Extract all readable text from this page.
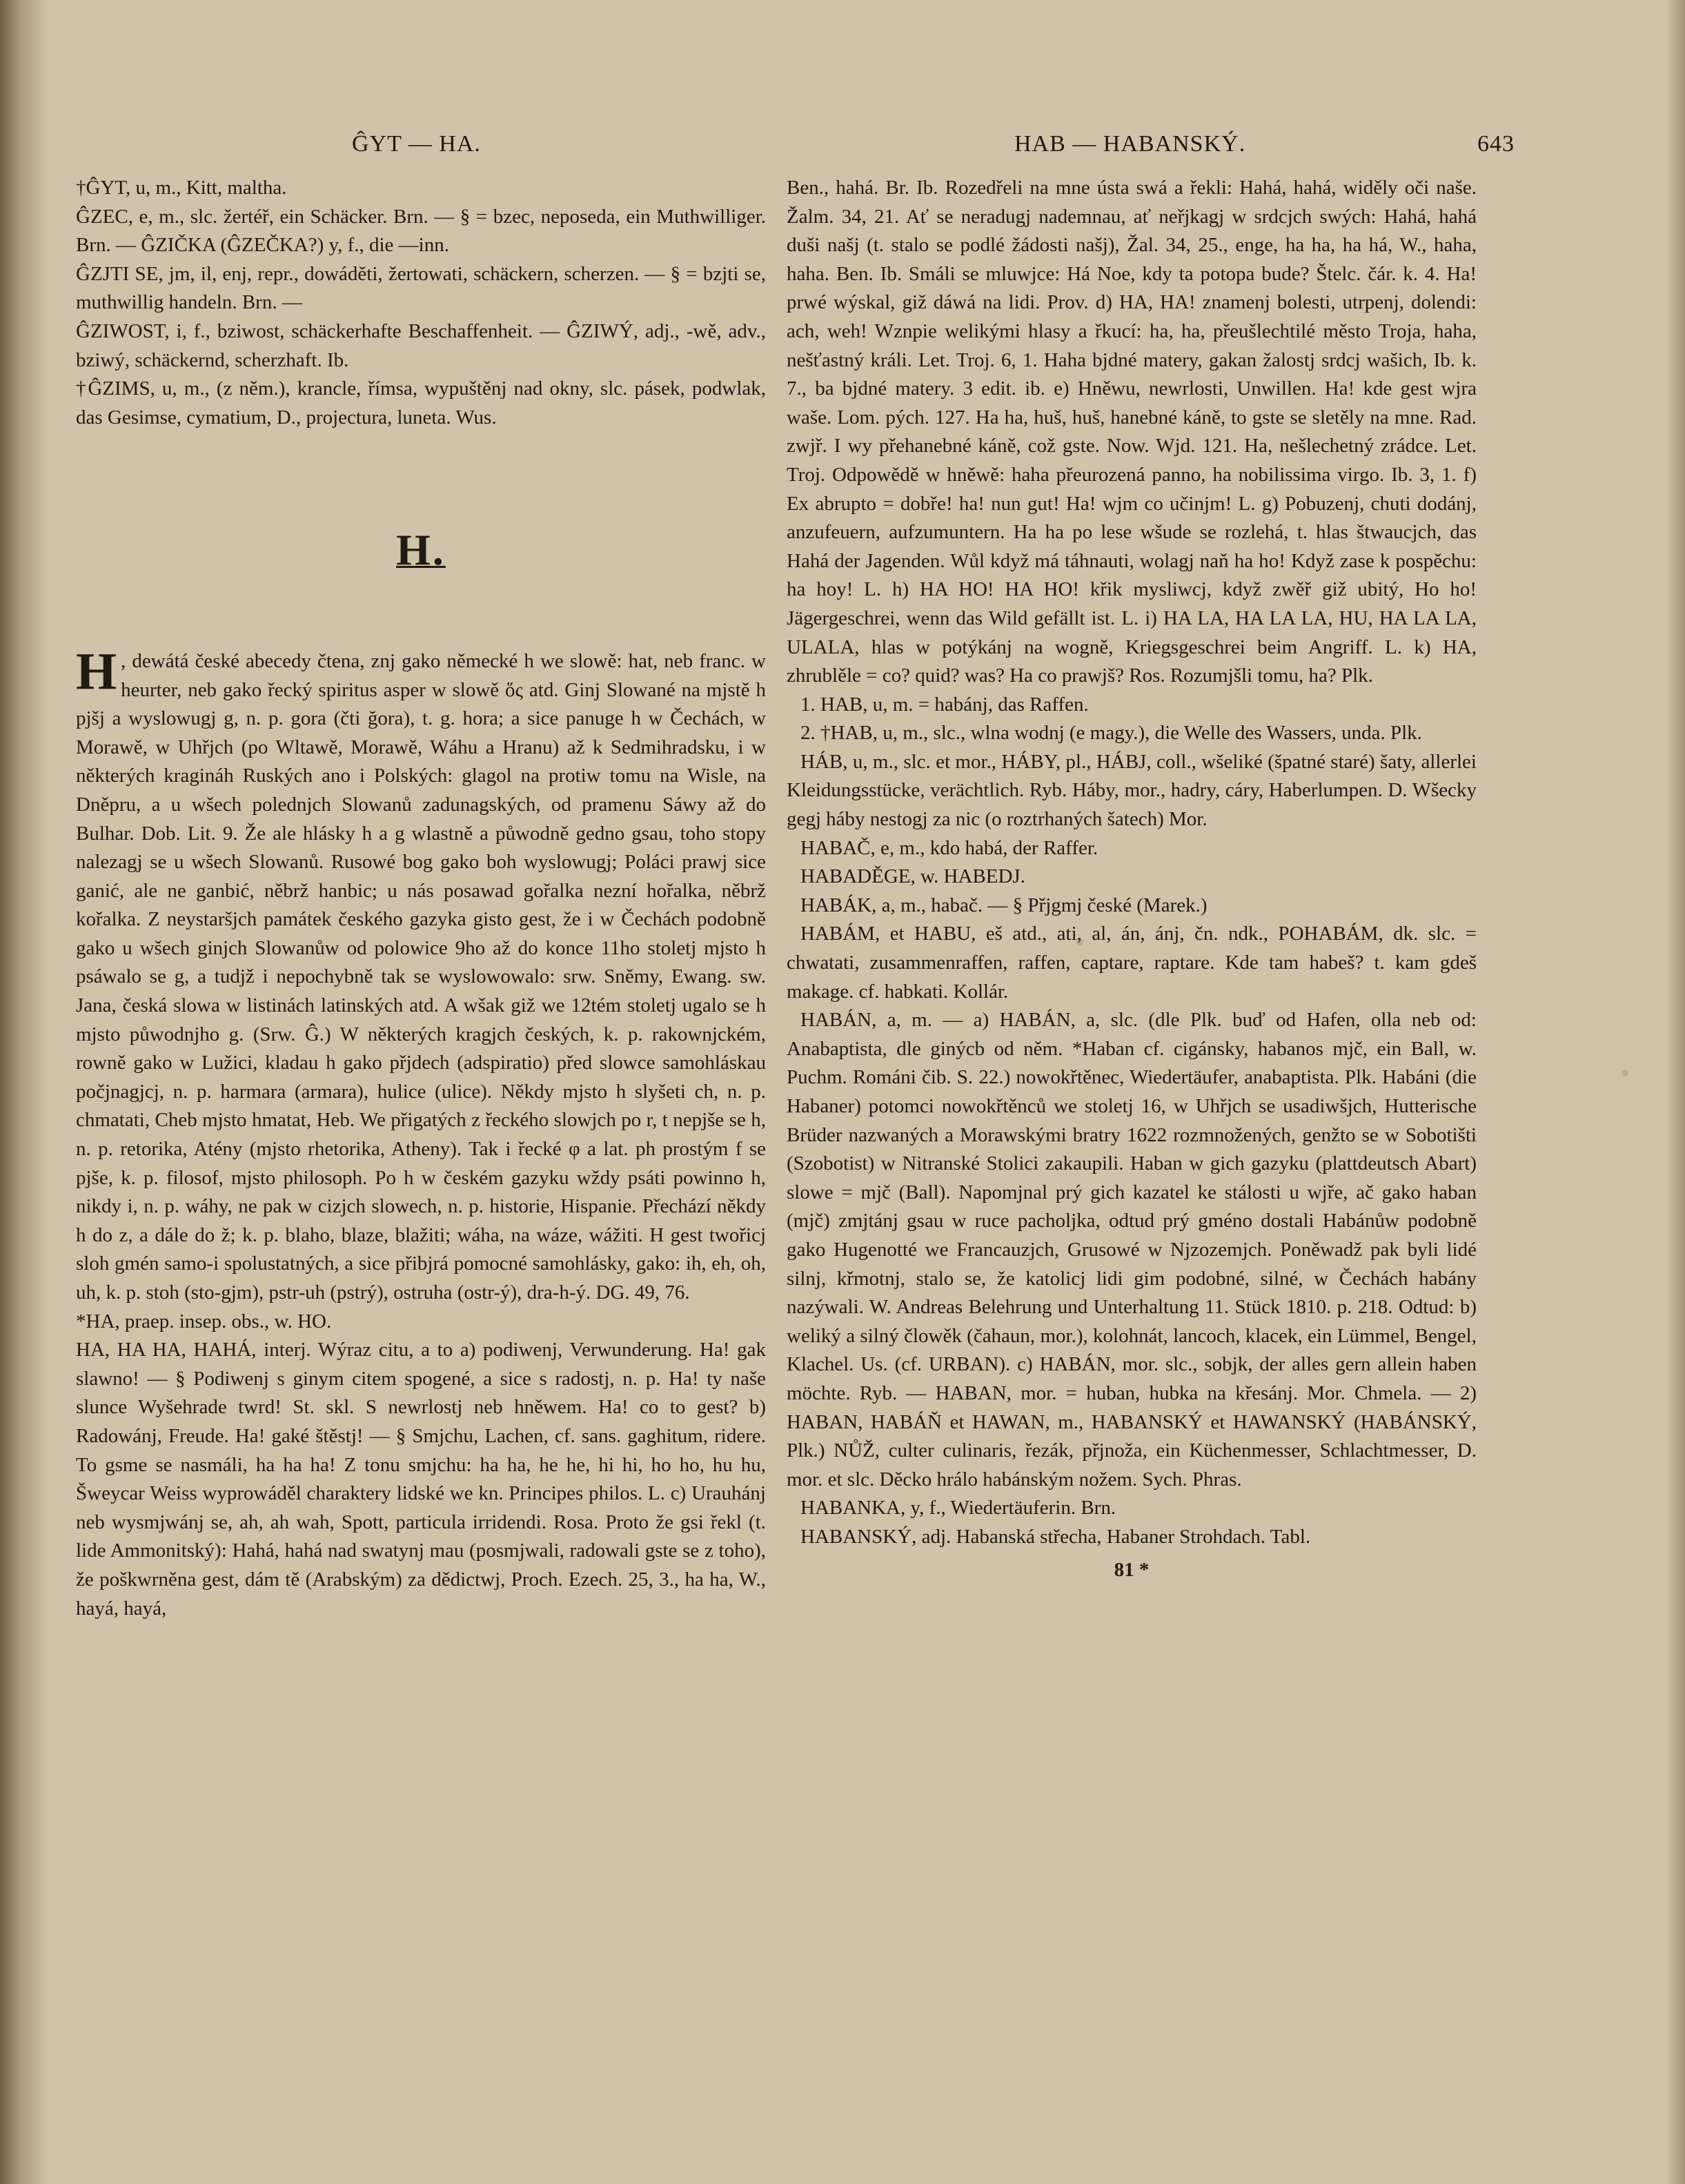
ĜYT — HA.	HAB — HABANSKÝ.	643

†ĜYT, u, m., Kitt, maltha.

ĜZEC, e, m., slc. žertéř, ein Schäcker. Brn. — § = bzec, neposeda, ein Muthwilliger. Brn. — ĜZIČKA (ĜZEČKA?) y, f., die —inn.

ĜZJTI SE, jm, il, enj, repr., dowáděti, žertowati, schäckern, scherzen. — § = bzjti se, muthwillig handeln. Brn. —

ĜZIWOST, i, f., bziwost, schäckerhafte Beschaffenheit. — ĜZIWÝ, adj., -wě, adv., bziwý, schäckernd, scherzhaft. Ib.

†ĜZIMS, u, m., (z něm.), krancle, římsa, wypuštěnj nad okny, slc. pásek, podwlak, das Gesimse, cymatium, D., projectura, luneta. Wus.

H.

H , dewátá české abecedy čtena, znj gako německé h we slowě: hat, neb franc. w heurter, neb gako řecký spiritus asper w slowě ὅς atd. Ginj Slowané na mjstě h pjšj a wyslowugj g, n. p. gora (čti ğora), t. g. hora; a sice panuge h w Čechách, w Morawě, w Uhřjch (po Wltawě, Morawě, Wáhu a Hranu) až k Sedmihradsku, i w některých kragináh Ruských ano i Polských: glagol na protiw tomu na Wisle, na Dněpru, a u wšech polednjch Slowanů zadunagských, od pramenu Sáwy až do Bulhar. Dob. Lit. 9. Že ale hlásky h a g wlastně a půwodně gedno gsau, toho stopy nalezagj se u wšech Slowanů. Rusowé bog gako boh wyslowugj; Poláci prawj sice ganić, ale ne ganbić, něbrž hanbic; u nás posawad gořalka nezní hořalka, něbrž kořalka. Z neystaršjch památek českého gazyka gisto gest, že i w Čechách podobně gako u wšech ginjch Slowanůw od polowice 9ho až do konce 11ho stoletj mjsto h psáwalo se g, a tudjž i nepochybně tak se wyslowowalo: srw. Sněmy, Ewang. sw. Jana, česká slowa w listinách latinských atd. A wšak giž we 12tém stoletj ugalo se h mjsto půwodnjho g. (Srw. Ĝ.) W některých kragjch českých, k. p. rakownjckém, rowně gako w Lužici, kladau h gako přjdech (adspiratio) před slowce samohláskau počjnagjcj, n. p. harmara (armara), hulice (ulice). Někdy mjsto h slyšeti ch, n. p. chmatati, Cheb mjsto hmatat, Heb. We přigatých z řeckého slowjch po r, t nepjše se h, n. p. retorika, Atény (mjsto rhetorika, Atheny). Tak i řecké φ a lat. ph prostým f se pjše, k. p. filosof, mjsto philosoph. Po h w českém gazyku wždy psáti powinno h, nikdy i, n. p. wáhy, ne pak w cizjch slowech, n. p. historie, Hispanie. Přechází někdy h do z, a dále do ž; k. p. blaho, blaze, blažiti; wáha, na wáze, wážiti. H gest twořicj sloh gmén samo-i spolustatných, a sice přibjrá pomocné samohlásky, gako: ih, eh, oh, uh, k. p. stoh (sto-gjm), pstr-uh (pstrý), ostruha (ostr-ý), dra-h-ý. DG. 49, 76.

*HA, praep. insep. obs., w. HO.

HA, HA HA, HAHÁ, interj. Wýraz citu, a to a) podiwenj, Verwunderung. Ha! gak slawno! — § Podiwenj s ginym citem spogené, a sice s radostj, n. p. Ha! ty naše slunce Wyšehrade twrd! St. skl. S newrlostj neb hněwem. Ha! co to gest? b) Radowánj, Freude. Ha! gaké štěstj! — § Smjchu, Lachen, cf. sans. gaghitum, ridere. To gsme se nasmáli, ha ha ha! Z tonu smjchu: ha ha, he he, hi hi, ho ho, hu hu, Šweycar Weiss wyprowáděl charaktery lidské we kn. Principes philos. L. c) Urauhánj neb wysmjwánj se, ah, ah wah, Spott, particula irridendi. Rosa. Proto že gsi řekl (t. lide Ammonitský): Hahá, hahá nad swatynj mau (posmjwali, radowali gste se z toho), že poškwrněna gest, dám tě (Arabským) za dědictwj, Proch. Ezech. 25, 3., ha ha, W., hayá, hayá,

Ben., hahá. Br. Ib. Rozedřeli na mne ústa swá a řekli: Hahá, hahá, widěly oči naše. Žalm. 34, 21. Ať se neradugj nademnau, ať neřjkagj w srdcjch swých: Hahá, hahá duši našj (t. stalo se podlé žádosti našj), Žal. 34, 25., enge, ha ha, ha há, W., haha, haha. Ben. Ib. Smáli se mluwjce: Há Noe, kdy ta potopa bude? Štelc. čár. k. 4. Ha! prwé wýskal, giž dáwá na lidi. Prov. d) HA, HA! znamenj bolesti, utrpenj, dolendi: ach, weh! Wznpie welikými hlasy a řkucí: ha, ha, přeušlechtilé město Troja, haha, nešťastný králi. Let. Troj. 6, 1. Haha bjdné matery, gakan žalostj srdcj wašich, Ib. k. 7., ba bjdné matery. 3 edit. ib. e) Hněwu, newrlosti, Unwillen. Ha! kde gest wjra waše. Lom. pých. 127. Ha ha, huš, huš, hanebné káně, to gste se sletěly na mne. Rad. zwjř. I wy přehanebné káně, což gste. Now. Wjd. 121. Ha, nešlechetný zrádce. Let. Troj. Odpowědě w hněwě: haha přeurozená panno, ha nobilissima virgo. Ib. 3, 1. f) Ex abrupto = dobře! ha! nun gut! Ha! wjm co učinjm! L. g) Pobuzenj, chuti dodánj, anzufeuern, aufzumuntern. Ha ha po lese wšude se rozlehá, t. hlas štwaucjch, das Hahá der Jagenden. Wůl když má táhnauti, wolagj naň ha ho! Když zase k pospěchu: ha hoy! L. h) HA HO! HA HO! křik mysliwcj, když zwěř giž ubitý, Ho ho! Jägergeschrei, wenn das Wild gefällt ist. L. i) HA LA, HA LA LA, HU, HA LA LA, ULALA, hlas w potýkánj na wogně, Kriegsgeschrei beim Angriff. L. k) HA, zhrublěle = co? quid? was? Ha co prawjš? Ros. Rozumjšli tomu, ha? Plk.

1. HAB, u, m. = habánj, das Raffen.

2. †HAB, u, m., slc., wlna wodnj (e magy.), die Welle des Wassers, unda. Plk.

HÁB, u, m., slc. et mor., HÁBY, pl., HÁBJ, coll., wšeliké (špatné staré) šaty, allerlei Kleidungsstücke, verächtlich. Ryb. Háby, mor., hadry, cáry, Haberlumpen. D. Wšecky gegj háby nestogj za nic (o roztrhaných šatech) Mor.

HABAČ, e, m., kdo habá, der Raffer.

HABADĚGE, w. HABEDJ.

HABÁK, a, m., habač. — § Přjgmj české (Marek.)

HABÁM, et HABU, eš atd., ati, al, án, ánj, čn. ndk., POHABÁM, dk. slc. = chwatati, zusammenraffen, raffen, captare, raptare. Kde tam habeš? t. kam gdeš makage. cf. habkati. Kollár.

HABÁN, a, m. — a) HABÁN, a, slc. (dle Plk. buď od Hafen, olla neb od: Anabaptista, dle ginýcb od něm. *Haban cf. cigánsky, habanos mjč, ein Ball, w. Puchm. Románi čib. S. 22.) nowokřtěnec, Wiedertäufer, anabaptista. Plk. Habáni (die Habaner) potomci nowokřtěnců we stoletj 16, w Uhřjch se usadiwšjch, Hutterische Brüder nazwaných a Morawskými bratry 1622 rozmnožených, genžto se w Sobotišti (Szobotist) w Nitranské Stolici zakaupili. Haban w gich gazyku (plattdeutsch Abart) slowe = mjč (Ball). Napomjnal prý gich kazatel ke stálosti u wjře, ač gako haban (mjč) zmjtánj gsau w ruce pacholjka, odtud prý gméno dostali Habánůw podobně gako Hugenotté we Francauzjch, Grusowé w Njzozemjch. Poněwadž pak byli lidé silnj, křmotnj, stalo se, že katolicj lidi gim podobné, silné, w Čechách habány nazýwali. W. Andreas Belehrung und Unterhaltung 11. Stück 1810. p. 218. Odtud: b) weliký a silný člowěk (čahaun, mor.), kolohnát, lancoch, klacek, ein Lümmel, Bengel, Klachel. Us. (cf. URBAN). c) HABÁN, mor. slc., sobjk, der alles gern allein haben möchte. Ryb. — HABAN, mor. = huban, hubka na křesánj. Mor. Chmela. — 2) HABAN, HABÁŇ et HAWAN, m., HABANSKÝ et HAWANSKÝ (HABÁNSKÝ, Plk.) NŮŽ, culter culinaris, řezák, přjnoža, ein Küchenmesser, Schlachtmesser, D. mor. et slc. Děcko hrálo habánským nožem. Sych. Phras.

HABANKA, y, f., Wiedertäuferin. Brn.

HABANSKÝ, adj. Habanská střecha, Habaner Strohdach. Tabl.

81 *
